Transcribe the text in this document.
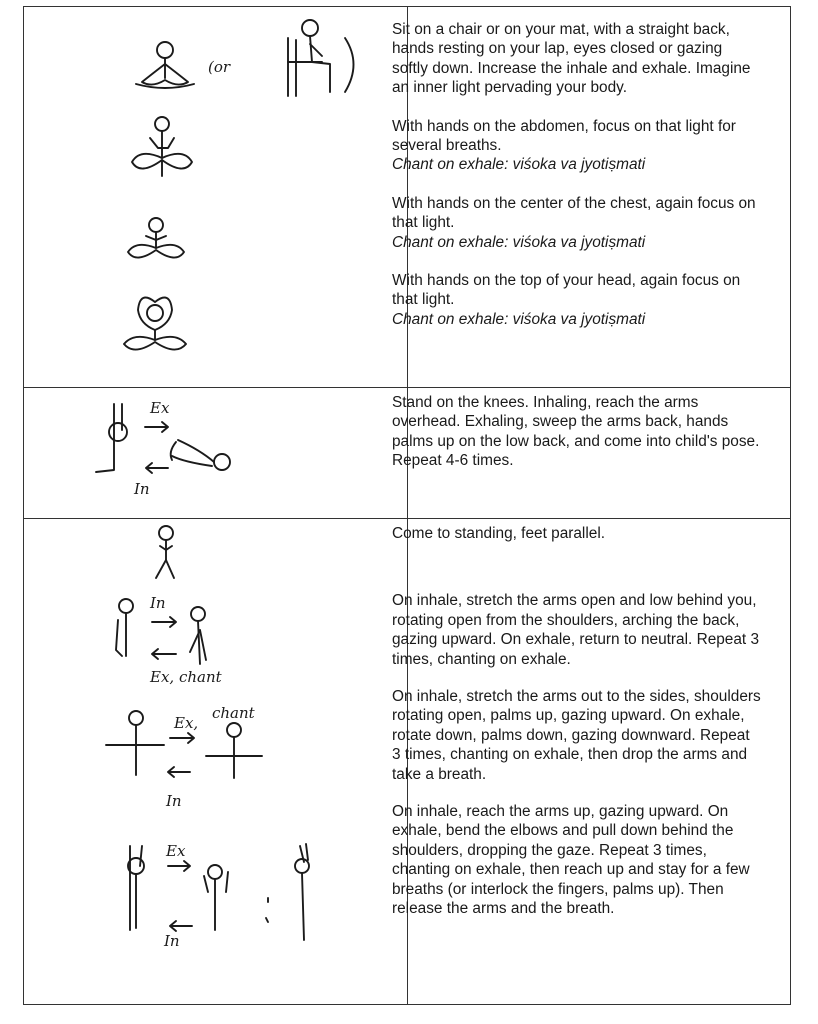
(or
Ex
In
In
Ex, chant
Ex,
chant
In
Ex
In

Sit on a chair or on your mat, with a straight back, hands resting on your lap, eyes closed or gazing softly down. Increase the inhale and exhale. Imagine an inner light pervading your body.

With hands on the abdomen, focus on that light for several breaths.

Chant on exhale: viśoka va jyotiṣmati

With hands on the center of the chest, again focus on that light.

Chant on exhale: viśoka va jyotiṣmati

With hands on the top of your head, again focus on that light.

Chant on exhale: viśoka va jyotiṣmati

Stand on the knees. Inhaling, reach the arms overhead. Exhaling, sweep the arms back, hands palms up on the low back, and come into child's pose. Repeat 4-6 times.

Come to standing, feet parallel.

On inhale, stretch the arms open and low behind you, rotating open from the shoulders, arching the back, gazing upward. On exhale, return to neutral. Repeat 3 times, chanting on exhale.

On inhale, stretch the arms out to the sides, shoulders rotating open, palms up, gazing upward. On exhale, rotate down, palms down, gazing downward. Repeat 3 times, chanting on exhale, then drop the arms and take a breath.

On inhale, reach the arms up, gazing upward. On exhale, bend the elbows and pull down behind the shoulders, dropping the gaze. Repeat 3 times, chanting on exhale, then reach up and stay for a few breaths (or interlock the fingers, palms up). Then release the arms and the breath.
